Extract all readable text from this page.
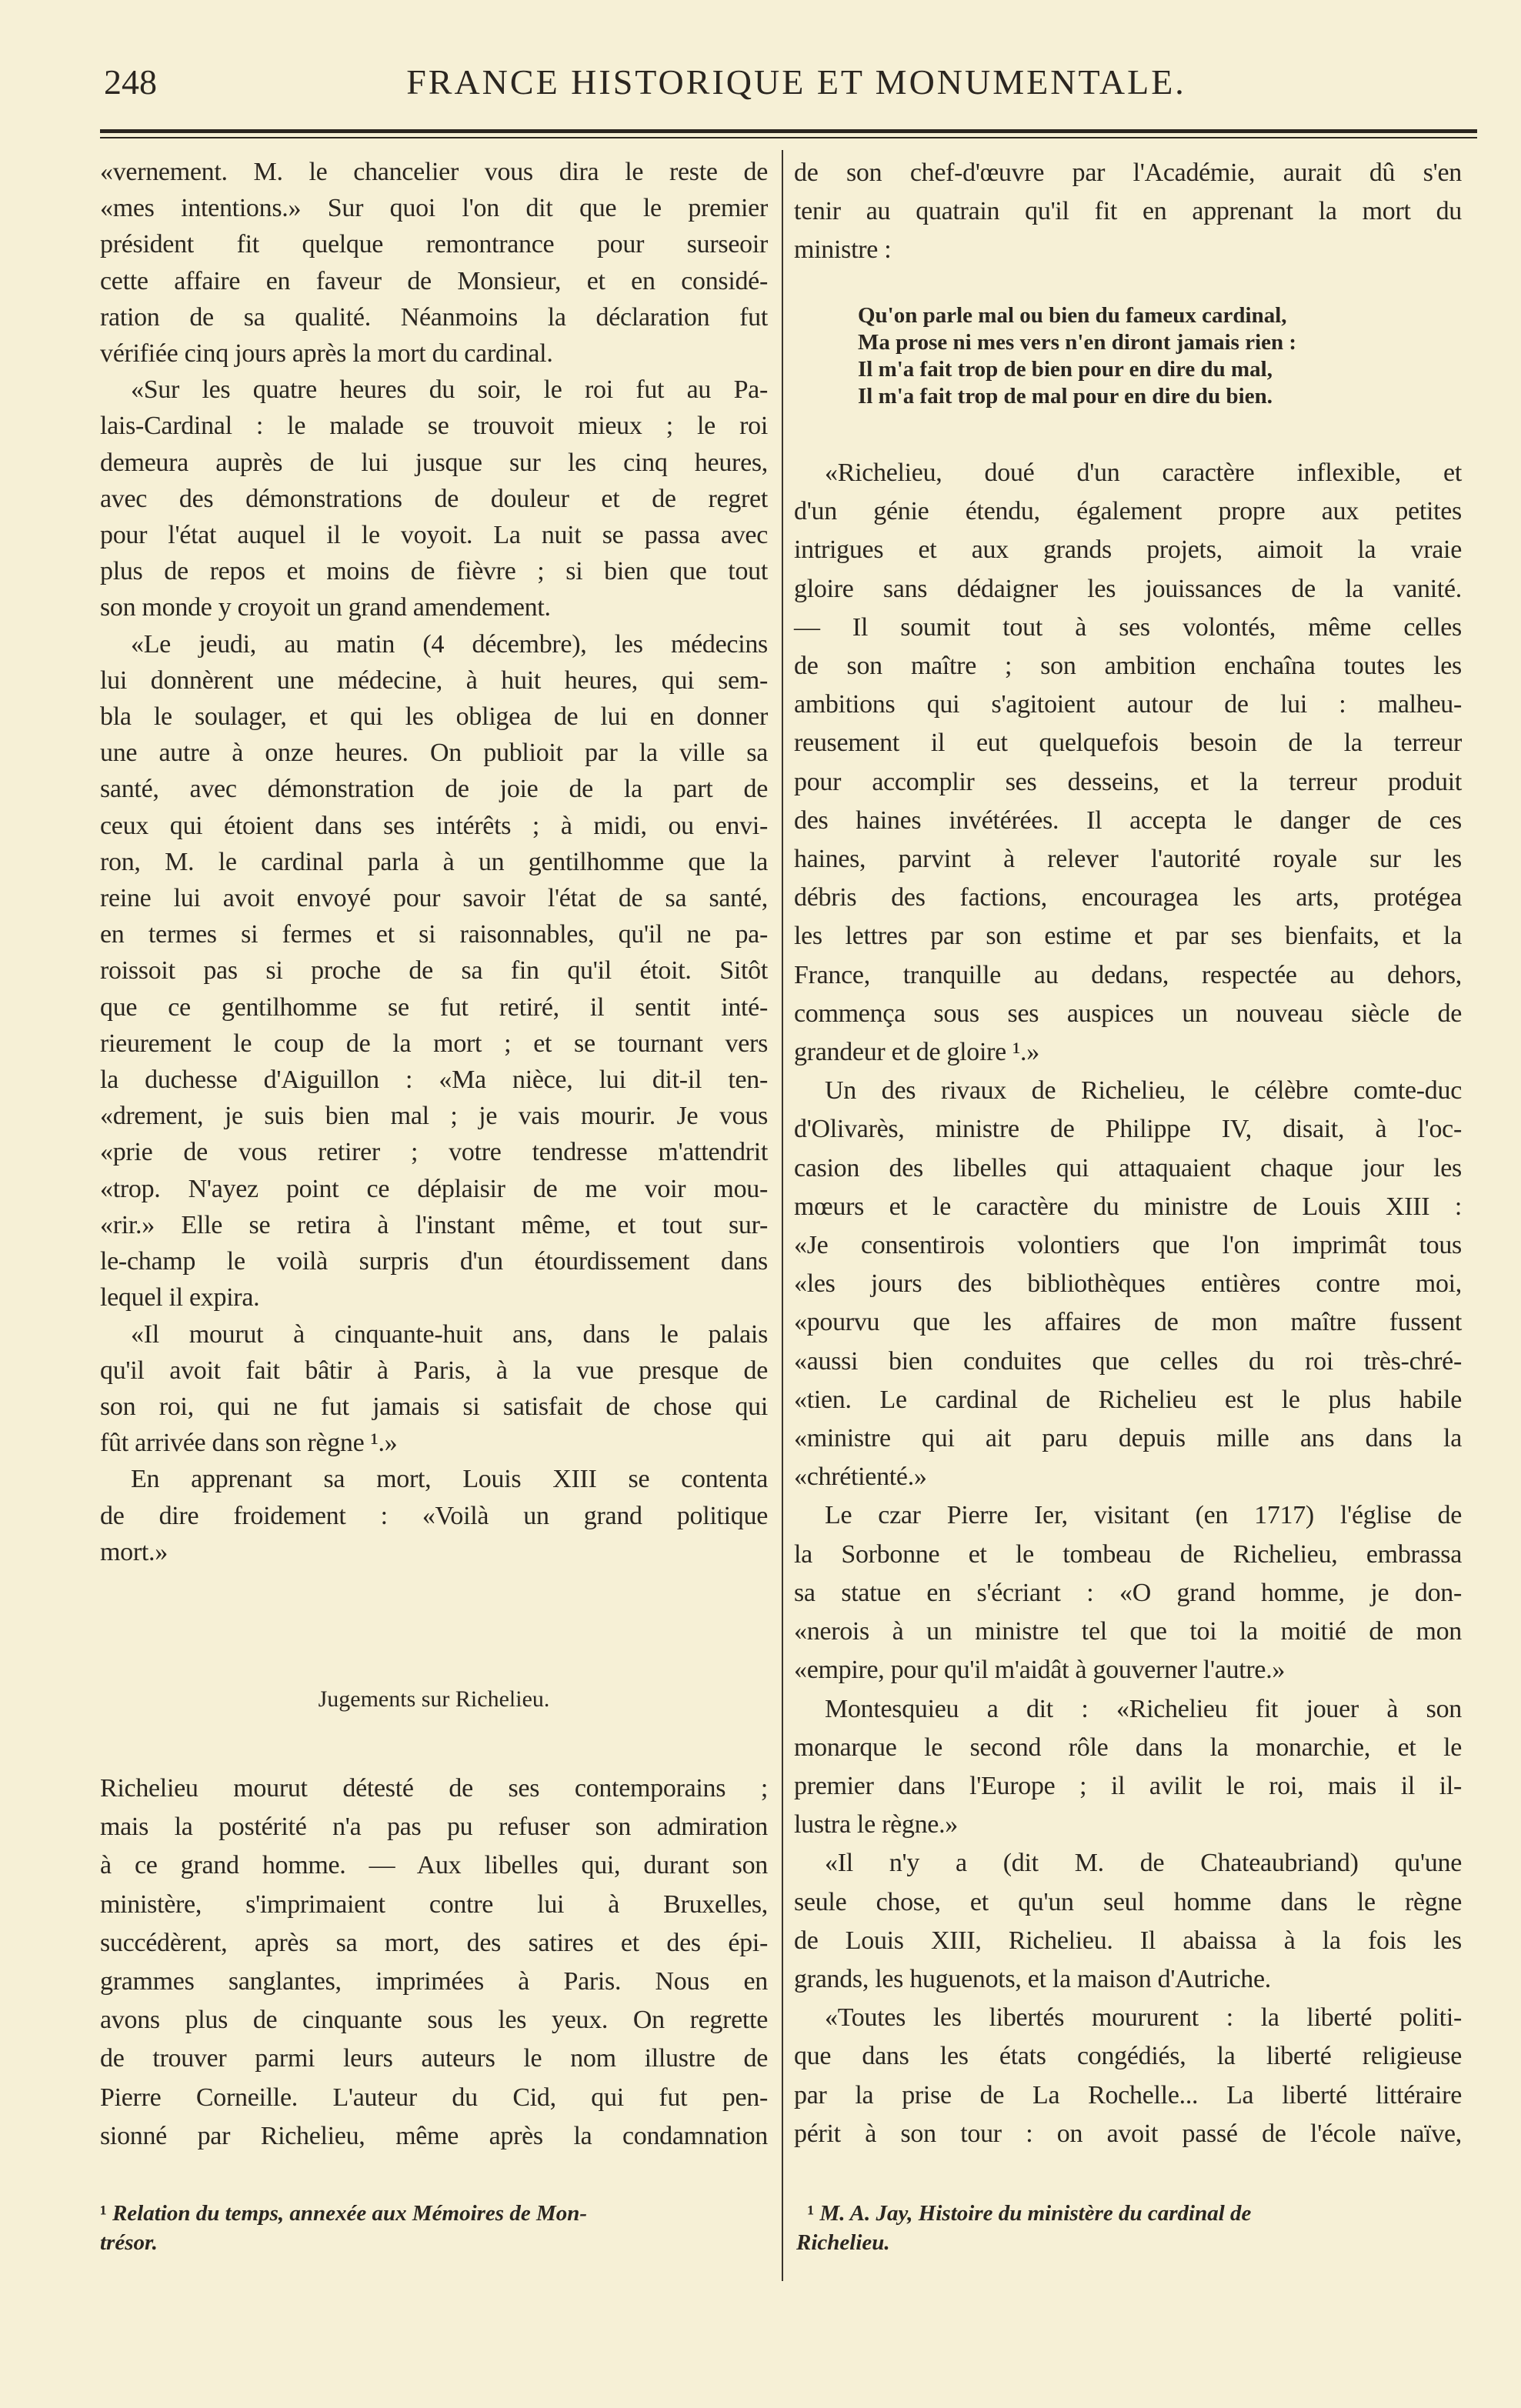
248	FRANCE HISTORIQUE ET MONUMENTALE.
«vernement. M. le chancelier vous dira le reste de
«mes intentions.» Sur quoi l'on dit que le premier
président fit quelque remontrance pour surseoir
cette affaire en faveur de Monsieur, et en considé-
ration de sa qualité. Néanmoins la déclaration fut
vérifiée cinq jours après la mort du cardinal.
«Sur les quatre heures du soir, le roi fut au Pa-
lais-Cardinal : le malade se trouvoit mieux ; le roi
demeura auprès de lui jusque sur les cinq heures,
avec des démonstrations de douleur et de regret
pour l'état auquel il le voyoit. La nuit se passa avec
plus de repos et moins de fièvre ; si bien que tout
son monde y croyoit un grand amendement.
«Le jeudi, au matin (4 décembre), les médecins
lui donnèrent une médecine, à huit heures, qui sem-
bla le soulager, et qui les obligea de lui en donner
une autre à onze heures. On publioit par la ville sa
santé, avec démonstration de joie de la part de
ceux qui étoient dans ses intérêts ; à midi, ou envi-
ron, M. le cardinal parla à un gentilhomme que la
reine lui avoit envoyé pour savoir l'état de sa santé,
en termes si fermes et si raisonnables, qu'il ne pa-
roissoit pas si proche de sa fin qu'il étoit. Sitôt
que ce gentilhomme se fut retiré, il sentit inté-
rieurement le coup de la mort ; et se tournant vers
la duchesse d'Aiguillon : «Ma nièce, lui dit-il ten-
«drement, je suis bien mal ; je vais mourir. Je vous
«prie de vous retirer ; votre tendresse m'attendrit
«trop. N'ayez point ce déplaisir de me voir mou-
«rir.» Elle se retira à l'instant même, et tout sur-
le-champ le voilà surpris d'un étourdissement dans
lequel il expira.
«Il mourut à cinquante-huit ans, dans le palais
qu'il avoit fait bâtir à Paris, à la vue presque de
son roi, qui ne fut jamais si satisfait de chose qui
fût arrivée dans son règne ¹.»
En apprenant sa mort, Louis XIII se contenta
de dire froidement : «Voilà un grand politique
mort.»
Jugements sur Richelieu.
Richelieu mourut détesté de ses contemporains ;
mais la postérité n'a pas pu refuser son admiration
à ce grand homme. — Aux libelles qui, durant son
ministère, s'imprimaient contre lui à Bruxelles,
succédèrent, après sa mort, des satires et des épi-
grammes sanglantes, imprimées à Paris. Nous en
avons plus de cinquante sous les yeux. On regrette
de trouver parmi leurs auteurs le nom illustre de
Pierre Corneille. L'auteur du Cid, qui fut pen-
sionné par Richelieu, même après la condamnation
de son chef-d'œuvre par l'Académie, aurait dû s'en
tenir au quatrain qu'il fit en apprenant la mort du
ministre :
Qu'on parle mal ou bien du fameux cardinal,
Ma prose ni mes vers n'en diront jamais rien :
Il m'a fait trop de bien pour en dire du mal,
Il m'a fait trop de mal pour en dire du bien.
«Richelieu, doué d'un caractère inflexible, et
d'un génie étendu, également propre aux petites
intrigues et aux grands projets, aimoit la vraie
gloire sans dédaigner les jouissances de la vanité.
— Il soumit tout à ses volontés, même celles
de son maître ; son ambition enchaîna toutes les
ambitions qui s'agitoient autour de lui : malheu-
reusement il eut quelquefois besoin de la terreur
pour accomplir ses desseins, et la terreur produit
des haines invétérées. Il accepta le danger de ces
haines, parvint à relever l'autorité royale sur les
débris des factions, encouragea les arts, protégea
les lettres par son estime et par ses bienfaits, et la
France, tranquille au dedans, respectée au dehors,
commença sous ses auspices un nouveau siècle de
grandeur et de gloire ¹.»
Un des rivaux de Richelieu, le célèbre comte-duc
d'Olivarès, ministre de Philippe IV, disait, à l'oc-
casion des libelles qui attaquaient chaque jour les
mœurs et le caractère du ministre de Louis XIII :
«Je consentirois volontiers que l'on imprimât tous
«les jours des bibliothèques entières contre moi,
«pourvu que les affaires de mon maître fussent
«aussi bien conduites que celles du roi très-chré-
«tien. Le cardinal de Richelieu est le plus habile
«ministre qui ait paru depuis mille ans dans la
«chrétienté.»
Le czar Pierre Ier, visitant (en 1717) l'église de
la Sorbonne et le tombeau de Richelieu, embrassa
sa statue en s'écriant : «O grand homme, je don-
«nerois à un ministre tel que toi la moitié de mon
«empire, pour qu'il m'aidât à gouverner l'autre.»
Montesquieu a dit : «Richelieu fit jouer à son
monarque le second rôle dans la monarchie, et le
premier dans l'Europe ; il avilit le roi, mais il il-
lustra le règne.»
«Il n'y a (dit M. de Chateaubriand) qu'une
seule chose, et qu'un seul homme dans le règne
de Louis XIII, Richelieu. Il abaissa à la fois les
grands, les huguenots, et la maison d'Autriche.
«Toutes les libertés moururent : la liberté politi-
que dans les états congédiés, la liberté religieuse
par la prise de La Rochelle... La liberté littéraire
périt à son tour : on avoit passé de l'école naïve,
¹ Relation du temps, annexée aux Mémoires de Mon-
trésor.
¹ M. A. Jay, Histoire du ministère du cardinal de
Richelieu.
